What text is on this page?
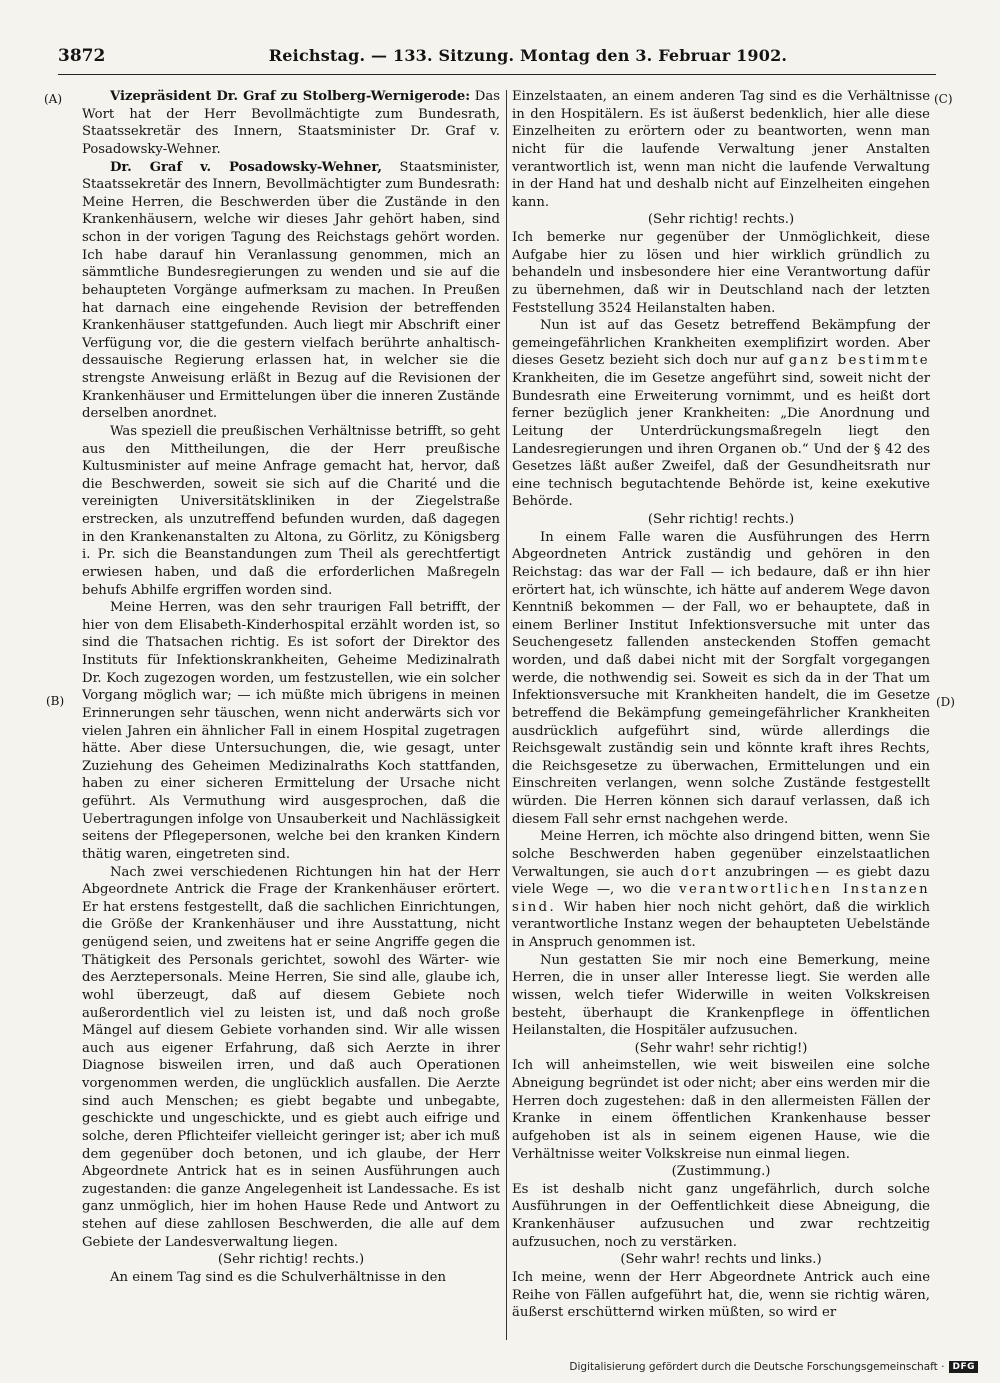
3872	Reichstag. — 133. Sitzung. Montag den 3. Februar 1902.
(A)
(B)
(C)
(D)

Vizepräsident Dr. Graf zu Stolberg-Wernigerode: Das Wort hat der Herr Bevollmächtigte zum Bundesrath, Staatssekretär des Innern, Staatsminister Dr. Graf v. Posadowsky-Wehner.

Dr. Graf v. Posadowsky-Wehner, Staatsminister, Staatssekretär des Innern, Bevollmächtigter zum Bundesrath: Meine Herren, die Beschwerden über die Zustände in den Krankenhäusern, welche wir dieses Jahr gehört haben, sind schon in der vorigen Tagung des Reichstags gehört worden. Ich habe darauf hin Veranlassung genommen, mich an sämmtliche Bundesregierungen zu wenden und sie auf die behaupteten Vorgänge aufmerksam zu machen. In Preußen hat darnach eine eingehende Revision der betreffenden Krankenhäuser stattgefunden. Auch liegt mir Abschrift einer Verfügung vor, die die gestern vielfach berührte anhaltisch-dessauische Regierung erlassen hat, in welcher sie die strengste Anweisung erläßt in Bezug auf die Revisionen der Krankenhäuser und Ermittelungen über die inneren Zustände derselben anordnet.

Was speziell die preußischen Verhältnisse betrifft, so geht aus den Mittheilungen, die der Herr preußische Kultusminister auf meine Anfrage gemacht hat, hervor, daß die Beschwerden, soweit sie sich auf die Charité und die vereinigten Universitätskliniken in der Ziegelstraße erstrecken, als unzutreffend befunden wurden, daß dagegen in den Krankenanstalten zu Altona, zu Görlitz, zu Königsberg i. Pr. sich die Beanstandungen zum Theil als gerechtfertigt erwiesen haben, und daß die erforderlichen Maßregeln behufs Abhilfe ergriffen worden sind.

Meine Herren, was den sehr traurigen Fall betrifft, der hier von dem Elisabeth-Kinderhospital erzählt worden ist, so sind die Thatsachen richtig. Es ist sofort der Direktor des Instituts für Infektionskrankheiten, Geheime Medizinalrath Dr. Koch zugezogen worden, um festzustellen, wie ein solcher Vorgang möglich war; — ich müßte mich übrigens in meinen Erinnerungen sehr täuschen, wenn nicht anderwärts sich vor vielen Jahren ein ähnlicher Fall in einem Hospital zugetragen hätte. Aber diese Untersuchungen, die, wie gesagt, unter Zuziehung des Geheimen Medizinalraths Koch stattfanden, haben zu einer sicheren Ermittelung der Ursache nicht geführt. Als Vermuthung wird ausgesprochen, daß die Uebertragungen infolge von Unsauberkeit und Nachlässigkeit seitens der Pflegepersonen, welche bei den kranken Kindern thätig waren, eingetreten sind.

Nach zwei verschiedenen Richtungen hin hat der Herr Abgeordnete Antrick die Frage der Krankenhäuser erörtert. Er hat erstens festgestellt, daß die sachlichen Einrichtungen, die Größe der Krankenhäuser und ihre Ausstattung, nicht genügend seien, und zweitens hat er seine Angriffe gegen die Thätigkeit des Personals gerichtet, sowohl des Wärter- wie des Aerztepersonals. Meine Herren, Sie sind alle, glaube ich, wohl überzeugt, daß auf diesem Gebiete noch außerordentlich viel zu leisten ist, und daß noch große Mängel auf diesem Gebiete vorhanden sind. Wir alle wissen auch aus eigener Erfahrung, daß sich Aerzte in ihrer Diagnose bisweilen irren, und daß auch Operationen vorgenommen werden, die unglücklich ausfallen. Die Aerzte sind auch Menschen; es giebt begabte und unbegabte, geschickte und ungeschickte, und es giebt auch eifrige und solche, deren Pflichteifer vielleicht geringer ist; aber ich muß dem gegenüber doch betonen, und ich glaube, der Herr Abgeordnete Antrick hat es in seinen Ausführungen auch zugestanden: die ganze Angelegenheit ist Landessache. Es ist ganz unmöglich, hier im hohen Hause Rede und Antwort zu stehen auf diese zahllosen Beschwerden, die alle auf dem Gebiete der Landesverwaltung liegen.

(Sehr richtig! rechts.)

An einem Tag sind es die Schulverhältnisse in den

Einzelstaaten, an einem anderen Tag sind es die Verhältnisse in den Hospitälern. Es ist äußerst bedenklich, hier alle diese Einzelheiten zu erörtern oder zu beantworten, wenn man nicht für die laufende Verwaltung jener Anstalten verantwortlich ist, wenn man nicht die laufende Verwaltung in der Hand hat und deshalb nicht auf Einzelheiten eingehen kann.

(Sehr richtig! rechts.)

Ich bemerke nur gegenüber der Unmöglichkeit, diese Aufgabe hier zu lösen und hier wirklich gründlich zu behandeln und insbesondere hier eine Verantwortung dafür zu übernehmen, daß wir in Deutschland nach der letzten Feststellung 3524 Heilanstalten haben.

Nun ist auf das Gesetz betreffend Bekämpfung der gemeingefährlichen Krankheiten exemplifizirt worden. Aber dieses Gesetz bezieht sich doch nur auf ganz bestimmte Krankheiten, die im Gesetze angeführt sind, soweit nicht der Bundesrath eine Erweiterung vornimmt, und es heißt dort ferner bezüglich jener Krankheiten: „Die Anordnung und Leitung der Unterdrückungsmaßregeln liegt den Landesregierungen und ihren Organen ob.“ Und der § 42 des Gesetzes läßt außer Zweifel, daß der Gesundheitsrath nur eine technisch begutachtende Behörde ist, keine exekutive Behörde.

(Sehr richtig! rechts.)

In einem Falle waren die Ausführungen des Herrn Abgeordneten Antrick zuständig und gehören in den Reichstag: das war der Fall — ich bedaure, daß er ihn hier erörtert hat, ich wünschte, ich hätte auf anderem Wege davon Kenntniß bekommen — der Fall, wo er behauptete, daß in einem Berliner Institut Infektionsversuche mit unter das Seuchengesetz fallenden ansteckenden Stoffen gemacht worden, und daß dabei nicht mit der Sorgfalt vorgegangen werde, die nothwendig sei. Soweit es sich da in der That um Infektionsversuche mit Krankheiten handelt, die im Gesetze betreffend die Bekämpfung gemeingefährlicher Krankheiten ausdrücklich aufgeführt sind, würde allerdings die Reichsgewalt zuständig sein und könnte kraft ihres Rechts, die Reichsgesetze zu überwachen, Ermittelungen und ein Einschreiten verlangen, wenn solche Zustände festgestellt würden. Die Herren können sich darauf verlassen, daß ich diesem Fall sehr ernst nachgehen werde.

Meine Herren, ich möchte also dringend bitten, wenn Sie solche Beschwerden haben gegenüber einzelstaatlichen Verwaltungen, sie auch dort anzubringen — es giebt dazu viele Wege —, wo die verantwortlichen Instanzen sind. Wir haben hier noch nicht gehört, daß die wirklich verantwortliche Instanz wegen der behaupteten Uebelstände in Anspruch genommen ist.

Nun gestatten Sie mir noch eine Bemerkung, meine Herren, die in unser aller Interesse liegt. Sie werden alle wissen, welch tiefer Widerwille in weiten Volkskreisen besteht, überhaupt die Krankenpflege in öffentlichen Heilanstalten, die Hospitäler aufzusuchen.

(Sehr wahr! sehr richtig!)

Ich will anheimstellen, wie weit bisweilen eine solche Abneigung begründet ist oder nicht; aber eins werden mir die Herren doch zugestehen: daß in den allermeisten Fällen der Kranke in einem öffentlichen Krankenhause besser aufgehoben ist als in seinem eigenen Hause, wie die Verhältnisse weiter Volkskreise nun einmal liegen.

(Zustimmung.)

Es ist deshalb nicht ganz ungefährlich, durch solche Ausführungen in der Oeffentlichkeit diese Abneigung, die Krankenhäuser aufzusuchen und zwar rechtzeitig aufzusuchen, noch zu verstärken.

(Sehr wahr! rechts und links.)

Ich meine, wenn der Herr Abgeordnete Antrick auch eine Reihe von Fällen aufgeführt hat, die, wenn sie richtig wären, äußerst erschütternd wirken müßten, so wird er

Digitalisierung gefördert durch die Deutsche Forschungsgemeinschaft · DFG
